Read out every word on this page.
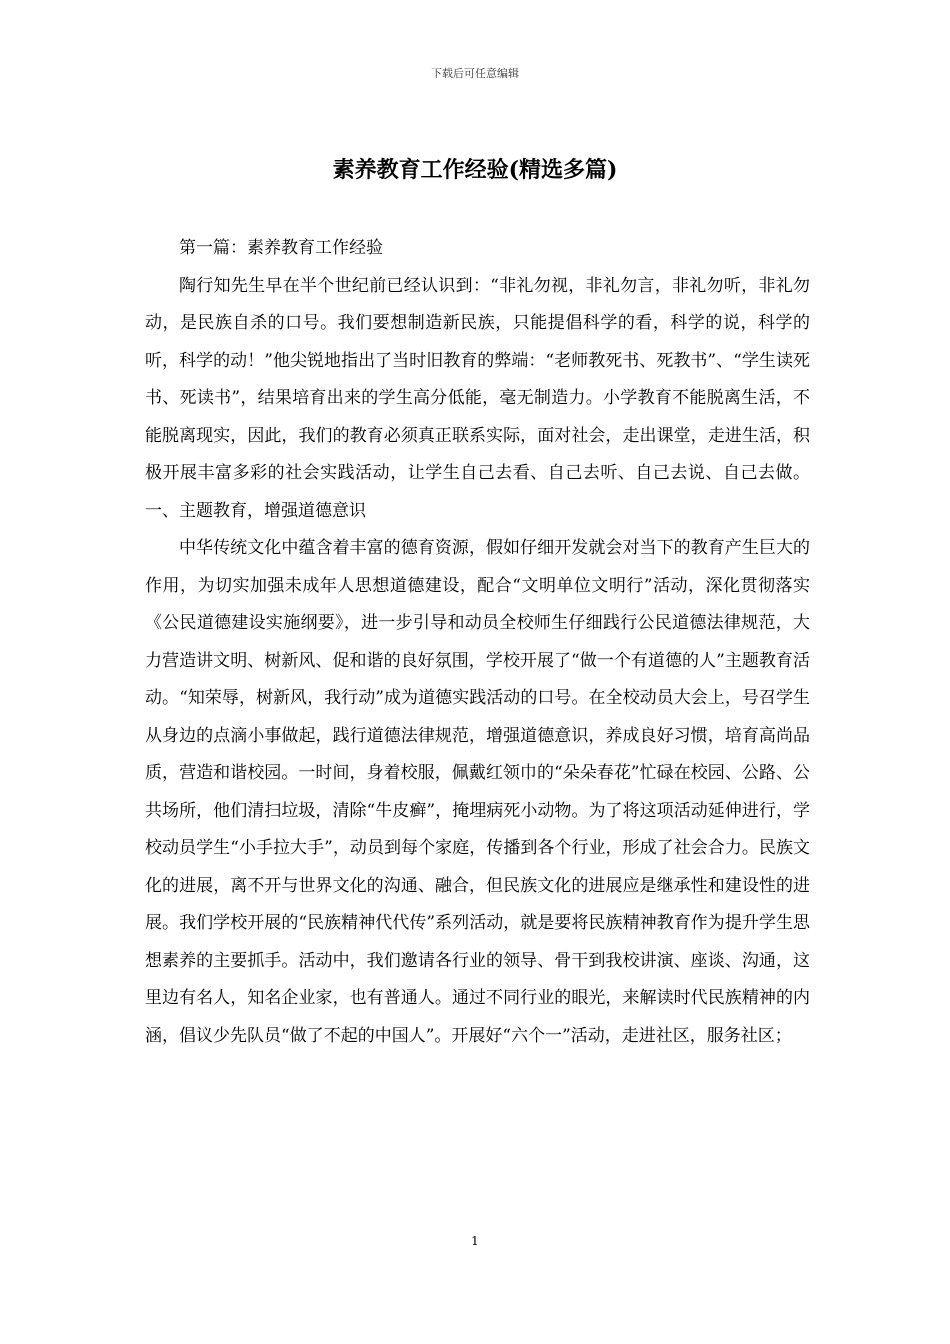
下载后可任意编辑
素养教育工作经验(精选多篇)

第一篇：素养教育工作经验

陶行知先生早在半个世纪前已经认识到：“非礼勿视，非礼勿言，非礼勿听，非礼勿动，是民族自杀的口号。我们要想制造新民族，只能提倡科学的看，科学的说，科学的听，科学的动！”他尖锐地指出了当时旧教育的弊端：“老师教死书、死教书”、“学生读死书、死读书”，结果培育出来的学生高分低能，毫无制造力。小学教育不能脱离生活，不能脱离现实，因此，我们的教育必须真正联系实际，面对社会，走出课堂，走进生活，积极开展丰富多彩的社会实践活动，让学生自己去看、自己去听、自己去说、自己去做。一、主题教育，增强道德意识

中华传统文化中蕴含着丰富的德育资源，假如仔细开发就会对当下的教育产生巨大的作用，为切实加强未成年人思想道德建设，配合“文明单位文明行”活动，深化贯彻落实《公民道德建设实施纲要》，进一步引导和动员全校师生仔细践行公民道德法律规范，大力营造讲文明、树新风、促和谐的良好氛围，学校开展了“做一个有道德的人”主题教育活动。“知荣辱，树新风，我行动”成为道德实践活动的口号。在全校动员大会上，号召学生从身边的点滴小事做起，践行道德法律规范，增强道德意识，养成良好习惯，培育高尚品质，营造和谐校园。一时间，身着校服，佩戴红领巾的“朵朵春花”忙碌在校园、公路、公共场所，他们清扫垃圾，清除“牛皮癣”，掩埋病死小动物。为了将这项活动延伸进行，学校动员学生“小手拉大手”，动员到每个家庭，传播到各个行业，形成了社会合力。民族文化的进展，离不开与世界文化的沟通、融合，但民族文化的进展应是继承性和建设性的进展。我们学校开展的“民族精神代代传”系列活动，就是要将民族精神教育作为提升学生思想素养的主要抓手。活动中，我们邀请各行业的领导、骨干到我校讲演、座谈、沟通，这里边有名人，知名企业家，也有普通人。通过不同行业的眼光，来解读时代民族精神的内涵，倡议少先队员“做了不起的中国人”。开展好“六个一”活动，走进社区，服务社区；

1
